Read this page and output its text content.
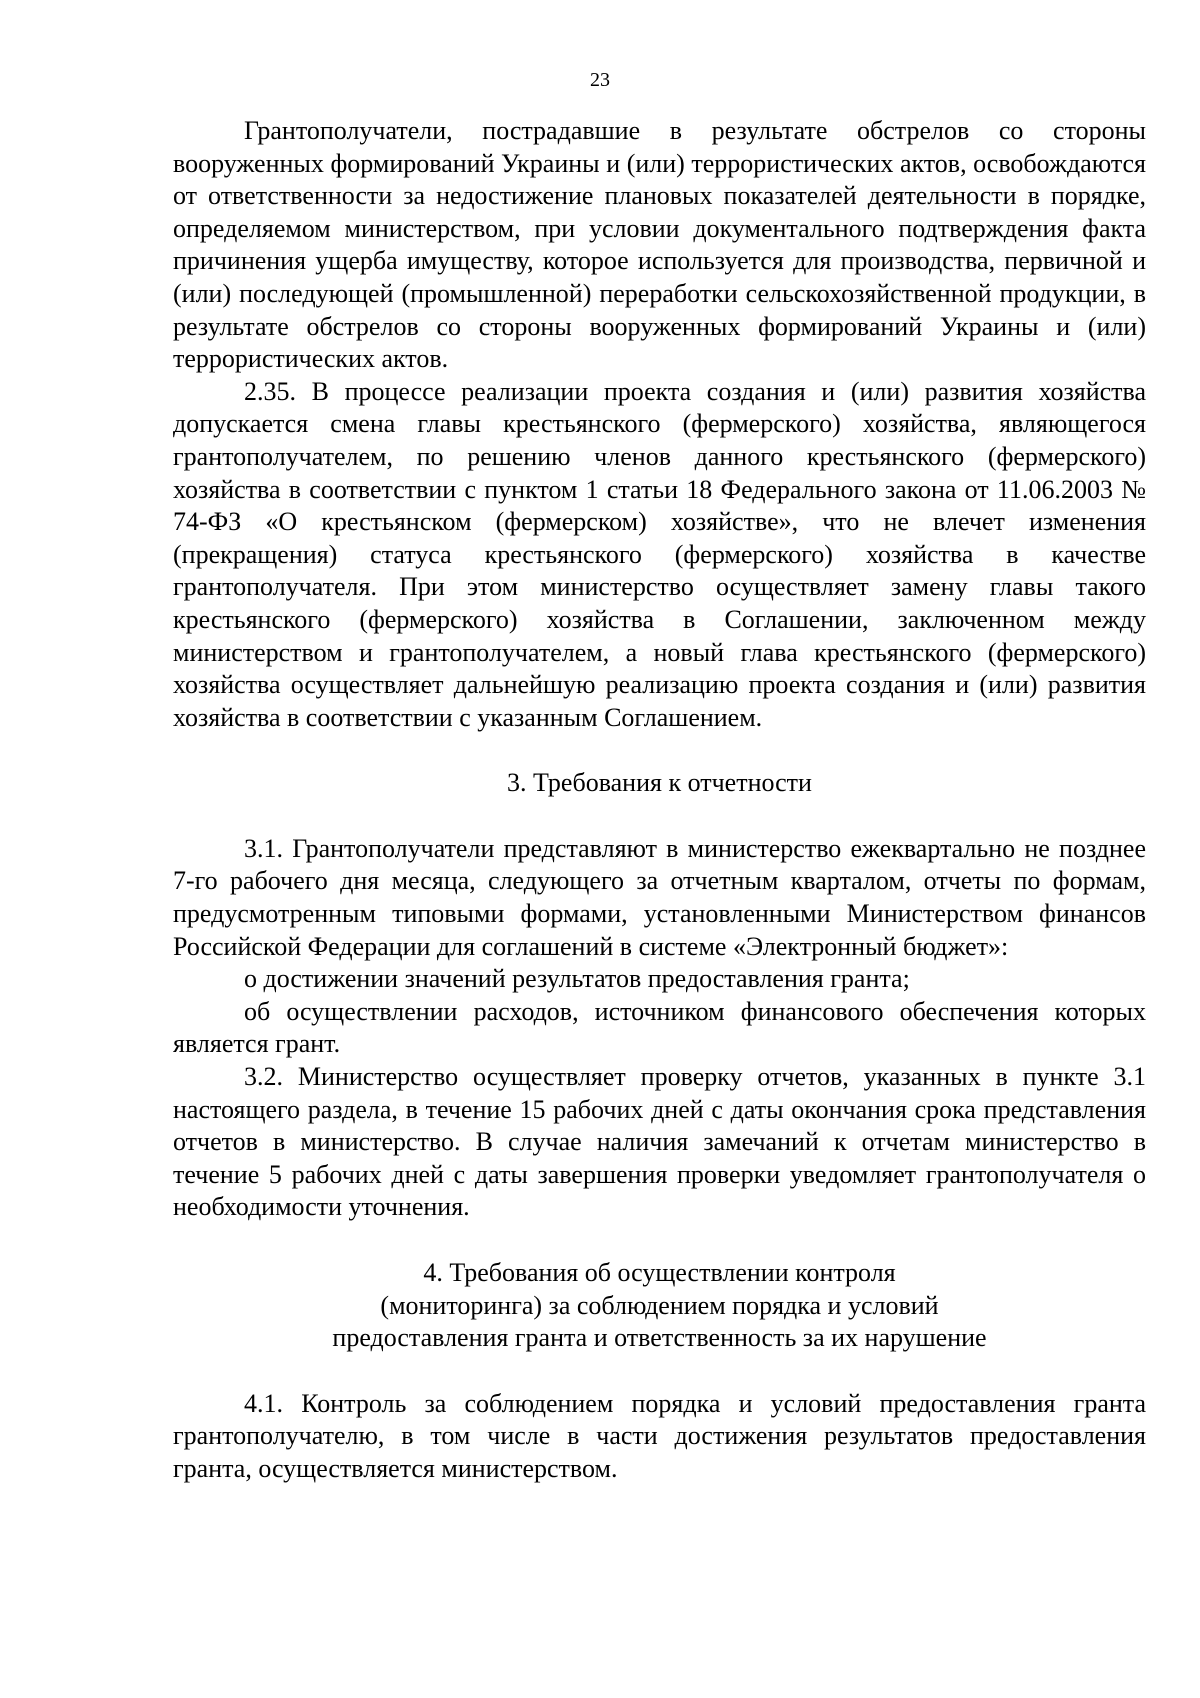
23

Грантополучатели, пострадавшие в результате обстрелов со стороны вооруженных формирований Украины и (или) террористических актов, освобождаются от ответственности за недостижение плановых показателей деятельности в порядке, определяемом министерством, при условии документального подтверждения факта причинения ущерба имуществу, которое используется для производства, первичной и (или) последующей (промышленной) переработки сельскохозяйственной продукции, в результате обстрелов со стороны вооруженных формирований Украины и (или) террористических актов.

2.35. В процессе реализации проекта создания и (или) развития хозяйства допускается смена главы крестьянского (фермерского) хозяйства, являющегося грантополучателем, по решению членов данного крестьянского (фермерского) хозяйства в соответствии с пунктом 1 статьи 18 Федерального закона от 11.06.2003 № 74-ФЗ «О крестьянском (фермерском) хозяйстве», что не влечет изменения (прекращения) статуса крестьянского (фермерского) хозяйства в качестве грантополучателя. При этом министерство осуществляет замену главы такого крестьянского (фермерского) хозяйства в Соглашении, заключенном между министерством и грантополучателем, а новый глава крестьянского (фермерского) хозяйства осуществляет дальнейшую реализацию проекта создания и (или) развития хозяйства в соответствии с указанным Соглашением.

3. Требования к отчетности

3.1. Грантополучатели представляют в министерство ежеквартально не позднее 7-го рабочего дня месяца, следующего за отчетным кварталом, отчеты по формам, предусмотренным типовыми формами, установленными Министерством финансов Российской Федерации для соглашений в системе «Электронный бюджет»:

о достижении значений результатов предоставления гранта;

об осуществлении расходов, источником финансового обеспечения которых является грант.

3.2. Министерство осуществляет проверку отчетов, указанных в пункте 3.1 настоящего раздела, в течение 15 рабочих дней с даты окончания срока представления отчетов в министерство. В случае наличия замечаний к отчетам министерство в течение 5 рабочих дней с даты завершения проверки уведомляет грантополучателя о необходимости уточнения.

4. Требования об осуществлении контроля
(мониторинга) за соблюдением порядка и условий
предоставления гранта и ответственность за их нарушение

4.1. Контроль за соблюдением порядка и условий предоставления гранта грантополучателю, в том числе в части достижения результатов предоставления гранта, осуществляется министерством.
